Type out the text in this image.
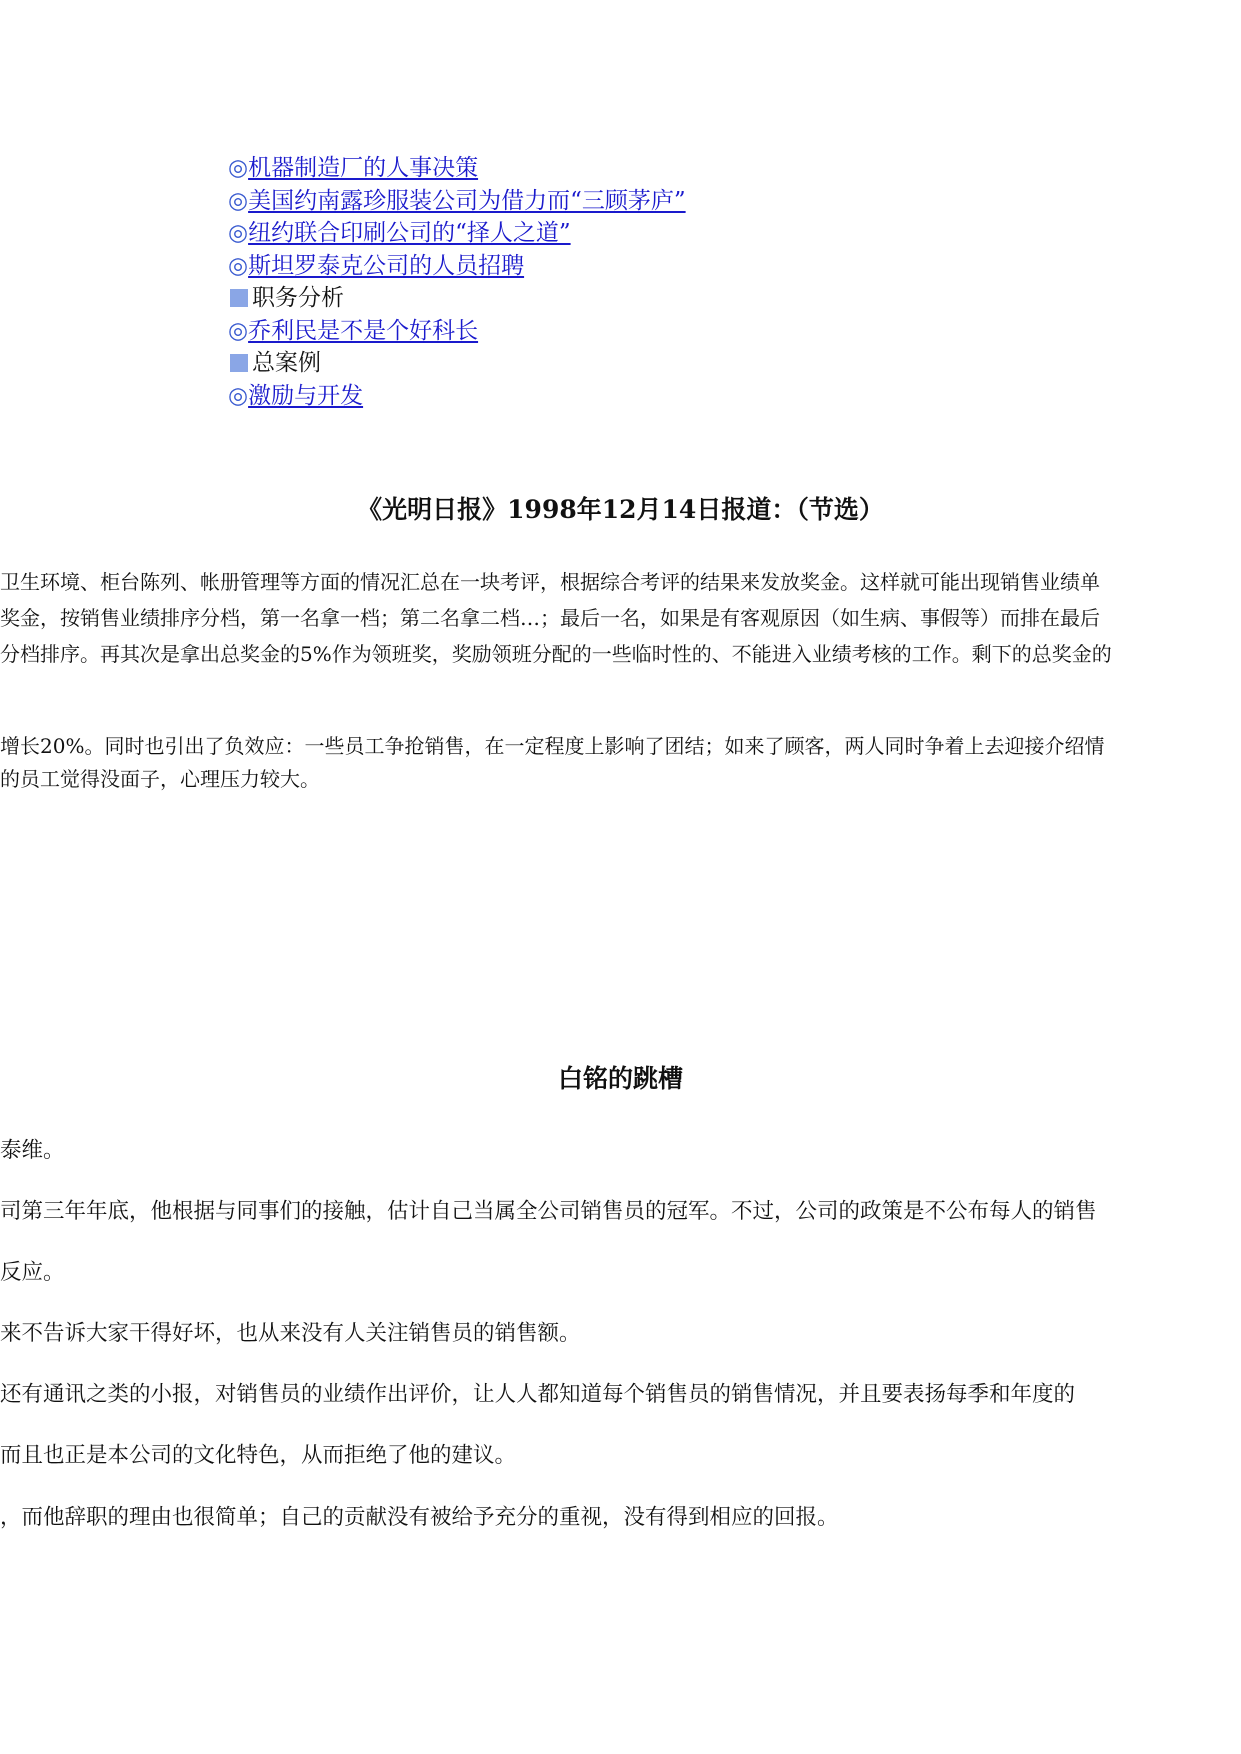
◎机器制造厂的人事决策
◎美国约南露珍服装公司为借力而“三顾茅庐”
◎纽约联合印刷公司的“择人之道”
◎斯坦罗泰克公司的人员招聘
职务分析
◎乔利民是不是个好科长
总案例
◎激励与开发
《光明日报》1998年12月14日报道：（节选）
卫生环境、柜台陈列、帐册管理等方面的情况汇总在一块考评，根据综合考评的结果来发放奖金。这样就可能出现销售业绩单
奖金，按销售业绩排序分档，第一名拿一档；第二名拿二档…；最后一名，如果是有客观原因（如生病、事假等）而排在最后
分档排序。再其次是拿出总奖金的5%作为领班奖，奖励领班分配的一些临时性的、不能进入业绩考核的工作。剩下的总奖金的
增长20%。同时也引出了负效应：一些员工争抢销售，在一定程度上影响了团结；如来了顾客，两人同时争着上去迎接介绍情
的员工觉得没面子，心理压力较大。
白铭的跳槽
泰维。
司第三年年底，他根据与同事们的接触，估计自己当属全公司销售员的冠军。不过，公司的政策是不公布每人的销售
反应。
来不告诉大家干得好坏，也从来没有人关注销售员的销售额。
还有通讯之类的小报，对销售员的业绩作出评价，让人人都知道每个销售员的销售情况，并且要表扬每季和年度的
而且也正是本公司的文化特色，从而拒绝了他的建议。
，而他辞职的理由也很简单；自己的贡献没有被给予充分的重视，没有得到相应的回报。
